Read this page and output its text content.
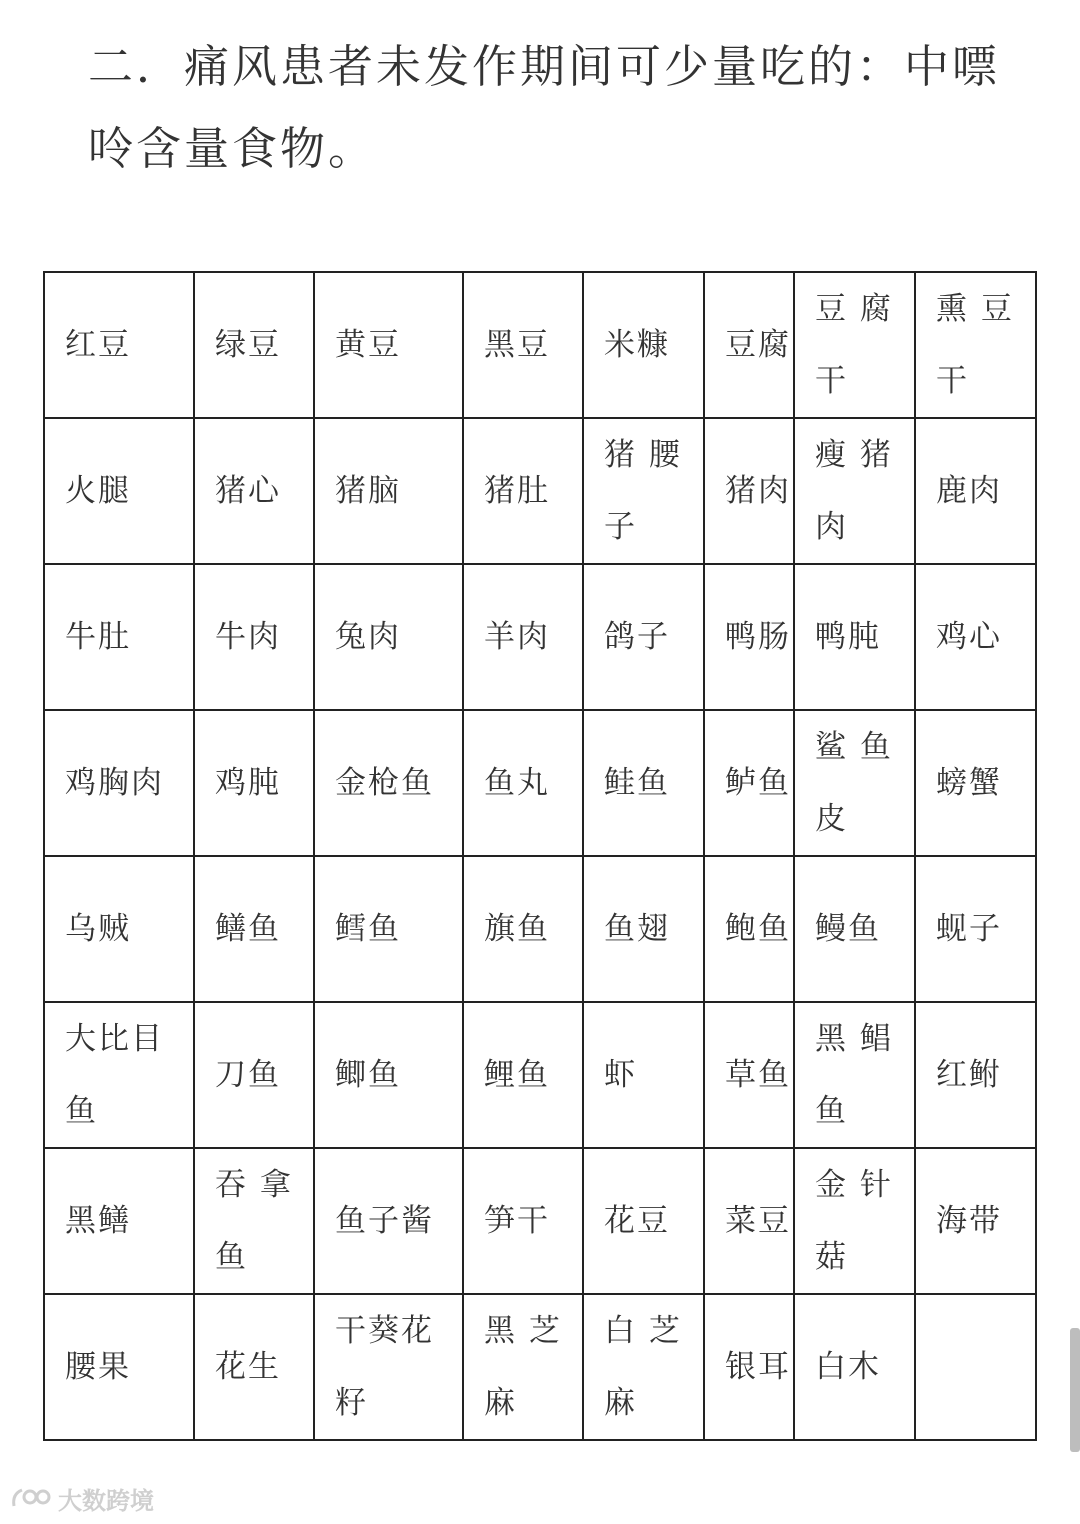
二．痛风患者未发作期间可少量吃的：中嘌
呤含量食物。
红豆	绿豆	黄豆	黑豆	米糠	豆腐	豆 腐干	熏 豆干

火腿	猪心	猪脑	猪肚	猪 腰子	猪肉	瘦 猪肉	鹿肉

牛肚	牛肉	兔肉	羊肉	鸽子	鸭肠	鸭肫	鸡心

鸡胸肉	鸡肫	金枪鱼	鱼丸	鲑鱼	鲈鱼	鲨 鱼皮	螃蟹

乌贼	鳝鱼	鳕鱼	旗鱼	鱼翅	鲍鱼	鳗鱼	蚬子

大比目鱼	刀鱼	鲫鱼	鲤鱼	虾	草鱼	黑 鲳鱼	红鲋

黑鳝	吞 拿鱼	鱼子酱	笋干	花豆	菜豆	金 针菇	海带

腰果	花生	干葵花籽	黑 芝麻	白 芝麻	银耳	白木	

大数跨境
